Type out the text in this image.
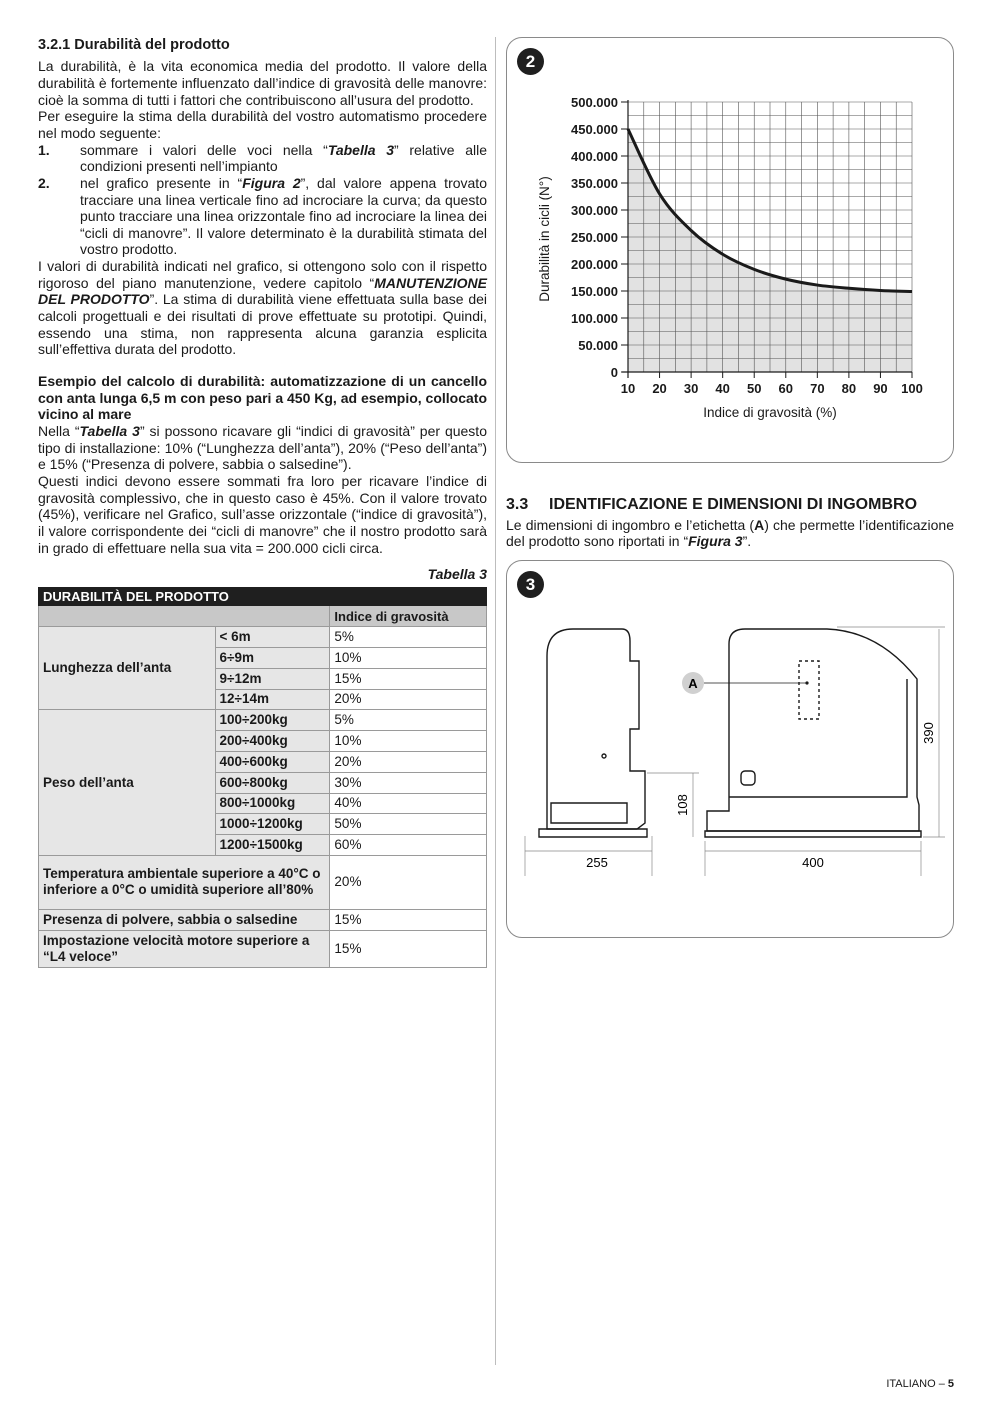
3.2.1 Durabilità del prodotto

La durabilità, è la vita economica media del prodotto. Il valore della durabilità è fortemente influenzato dall’indice di gravosità delle manovre: cioè la somma di tutti i fattori che contribuiscono all’usura del prodotto.

Per eseguire la stima della durabilità del vostro automatismo procedere nel modo seguente:

1.	sommare i valori delle voci nella “Tabella 3” relative alle condizioni presenti nell’impianto
2.	nel grafico presente in “Figura 2”, dal valore appena trovato tracciare una linea verticale fino ad incrociare la curva; da questo punto tracciare una linea orizzontale fino ad incrociare la linea dei “cicli di manovre”. Il valore determinato è la durabilità stimata del vostro prodotto.

I valori di durabilità indicati nel grafico, si ottengono solo con il rispetto rigoroso del piano manutenzione, vedere capitolo “MANUTENZIONE DEL PRODOTTO”. La stima di durabilità viene effettuata sulla base dei calcoli progettuali e dei risultati di prove effettuate su prototipi. Quindi, essendo una stima, non rappresenta alcuna garanzia esplicita sull’effettiva durata del prodotto.

Esempio del calcolo di durabilità: automatizzazione di un cancello con anta lunga 6,5 m con peso pari a 450 Kg, ad esempio, collocato vicino al mare

Nella “Tabella 3” si possono ricavare gli “indici di gravosità” per questo tipo di installazione: 10% (“Lunghezza dell’anta”), 20% (“Peso dell’anta”) e 15% (“Presenza di polvere, sabbia o salsedine”).

Questi indici devono essere sommati fra loro per ricavare l’indice di gravosità complessivo, che in questo caso è 45%. Con il valore trovato (45%), verificare nel Grafico, sull’asse orizzontale (“indice di gravosità”), il valore corrispondente dei “cicli di manovre” che il nostro prodotto sarà in grado di effettuare nella sua vita = 200.000 cicli circa.

Tabella 3
DURABILITÀ DEL PRODOTTO		
		Indice di gravosità
Lunghezza dell’anta	< 6m	5%
	6÷9m	10%
	9÷12m	15%
	12÷14m	20%
Peso dell’anta	100÷200kg	5%
	200÷400kg	10%
	400÷600kg	20%
	600÷800kg	30%
	800÷1000kg	40%
	1000÷1200kg	50%
	1200÷1500kg	60%
Temperatura ambientale superiore a 40°C o inferiore a 0°C o umidità superiore all’80%		20%
Presenza di polvere, sabbia o salsedine		15%
Impostazione velocità motore superiore a “L4 veloce”		15%
2
0
50.000
100.000
150.000
200.000
250.000
300.000
350.000
400.000
450.000
500.000
10 20 30 40 50 60 70 80 90 100
Indice di gravosità (%)
Durabilità in cicli (N°)
3.3	IDENTIFICAZIONE E DIMENSIONI DI INGOMBRO

Le dimensioni di ingombro e l’etichetta (A) che permette l’identificazione del prodotto sono riportati in “Figura 3”.

3
A
255	400
390
108
ITALIANO – 5
